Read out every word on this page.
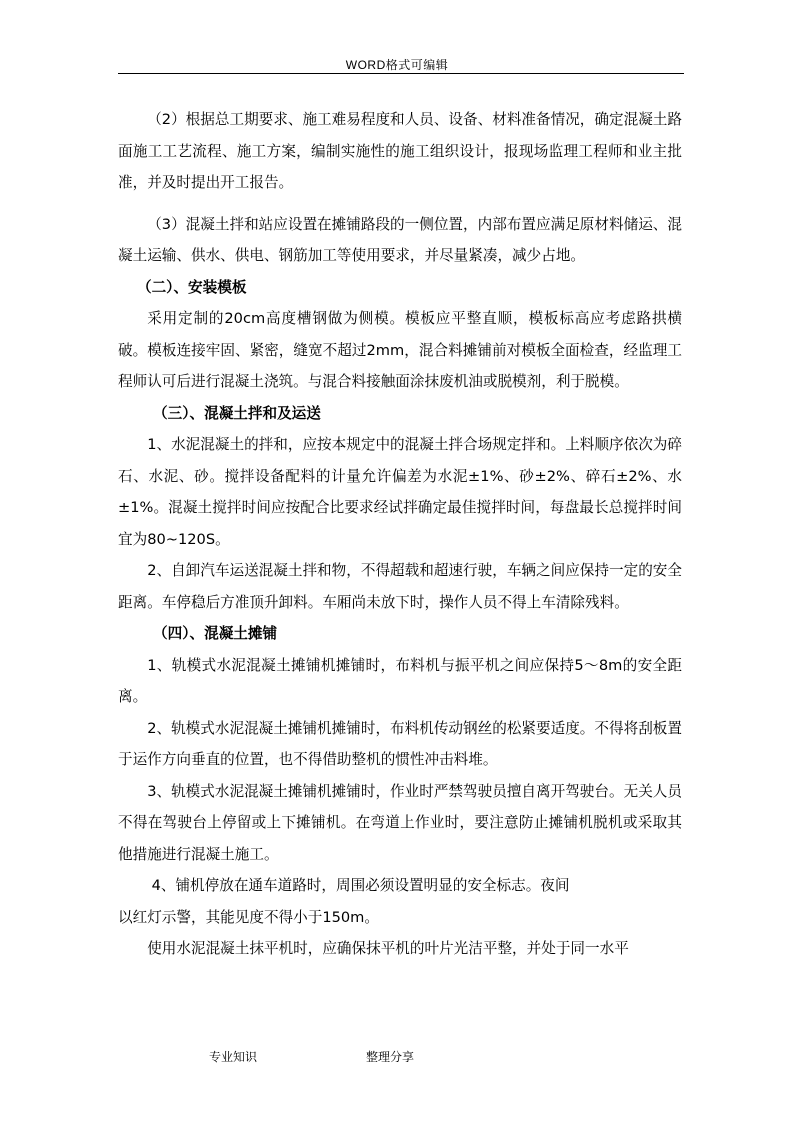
WORD格式可编辑

（2）根据总工期要求、施工难易程度和人员、设备、材料准备情况，确定混凝土路面施工工艺流程、施工方案，编制实施性的施工组织设计，报现场监理工程师和业主批准，并及时提出开工报告。

（3）混凝土拌和站应设置在摊铺路段的一侧位置，内部布置应满足原材料储运、混凝土运输、供水、供电、钢筋加工等使用要求，并尽量紧凑，减少占地。

（二）、安装模板

采用定制的20cm高度槽钢做为侧模。模板应平整直顺，模板标高应考虑路拱横破。模板连接牢固、紧密，缝宽不超过2mm，混合料摊铺前对模板全面检查，经监理工程师认可后进行混凝土浇筑。与混合料接触面涂抹废机油或脱模剂，利于脱模。

（三）、混凝土拌和及运送

1、水泥混凝土的拌和，应按本规定中的混凝土拌合场规定拌和。上料顺序依次为碎石、水泥、砂。搅拌设备配料的计量允许偏差为水泥±1%、砂±2%、碎石±2%、水±1%。混凝土搅拌时间应按配合比要求经试拌确定最佳搅拌时间，每盘最长总搅拌时间宜为80~120S。

2、自卸汽车运送混凝土拌和物，不得超载和超速行驶，车辆之间应保持一定的安全距离。车停稳后方准顶升卸料。车厢尚未放下时，操作人员不得上车清除残料。

（四）、混凝土摊铺

1、轨模式水泥混凝土摊铺机摊铺时，布料机与振平机之间应保持5～8m的安全距离。

2、轨模式水泥混凝土摊铺机摊铺时，布料机传动钢丝的松紧要适度。不得将刮板置于运作方向垂直的位置，也不得借助整机的惯性冲击料堆。

3、轨模式水泥混凝土摊铺机摊铺时，作业时严禁驾驶员擅自离开驾驶台。无关人员不得在驾驶台上停留或上下摊铺机。在弯道上作业时，要注意防止摊铺机脱机或采取其他措施进行混凝土施工。

4、铺机停放在通车道路时，周围必须设置明显的安全标志。夜间

以红灯示警，其能见度不得小于150m。

使用水泥混凝土抹平机时，应确保抹平机的叶片光洁平整，并处于同一水平

专业知识	整理分享
